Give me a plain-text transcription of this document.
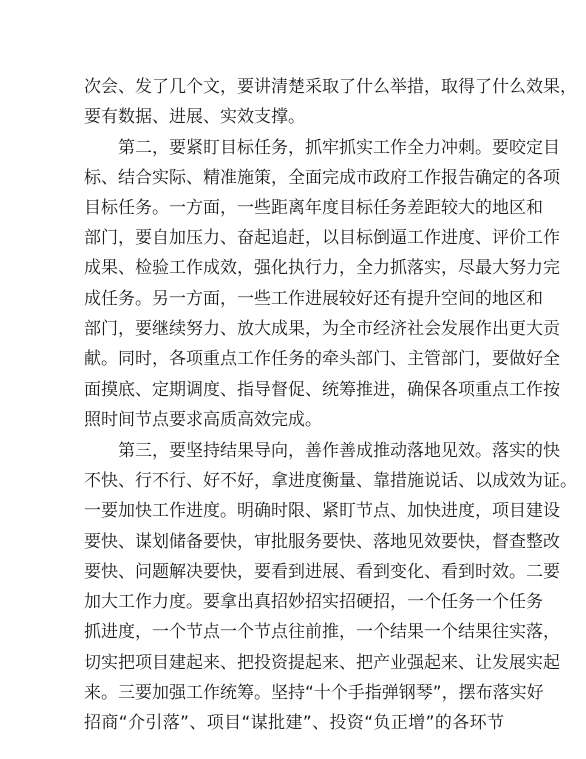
次会、发了几个文，要讲清楚采取了什么举措，取得了什么效果，
要有数据、进展、实效支撑。
第二，要紧盯目标任务，抓牢抓实工作全力冲刺。要咬定目
标、结合实际、精准施策，全面完成市政府工作报告确定的各项
目标任务。一方面，一些距离年度目标任务差距较大的地区和
部门，要自加压力、奋起追赶，以目标倒逼工作进度、评价工作
成果、检验工作成效，强化执行力，全力抓落实，尽最大努力完
成任务。另一方面，一些工作进展较好还有提升空间的地区和
部门，要继续努力、放大成果，为全市经济社会发展作出更大贡
献。同时，各项重点工作任务的牵头部门、主管部门，要做好全
面摸底、定期调度、指导督促、统筹推进，确保各项重点工作按
照时间节点要求高质高效完成。
第三，要坚持结果导向，善作善成推动落地见效。落实的快
不快、行不行、好不好，拿进度衡量、靠措施说话、以成效为证。
一要加快工作进度。明确时限、紧盯节点、加快进度，项目建设
要快、谋划储备要快，审批服务要快、落地见效要快，督查整改
要快、问题解决要快，要看到进展、看到变化、看到时效。二要
加大工作力度。要拿出真招妙招实招硬招，一个任务一个任务
抓进度，一个节点一个节点往前推，一个结果一个结果往实落，
切实把项目建起来、把投资提起来、把产业强起来、让发展实起
来。三要加强工作统筹。坚持“十个手指弹钢琴”，摆布落实好
招商“介引落”、项目“谋批建”、投资“负正增”的各环节
